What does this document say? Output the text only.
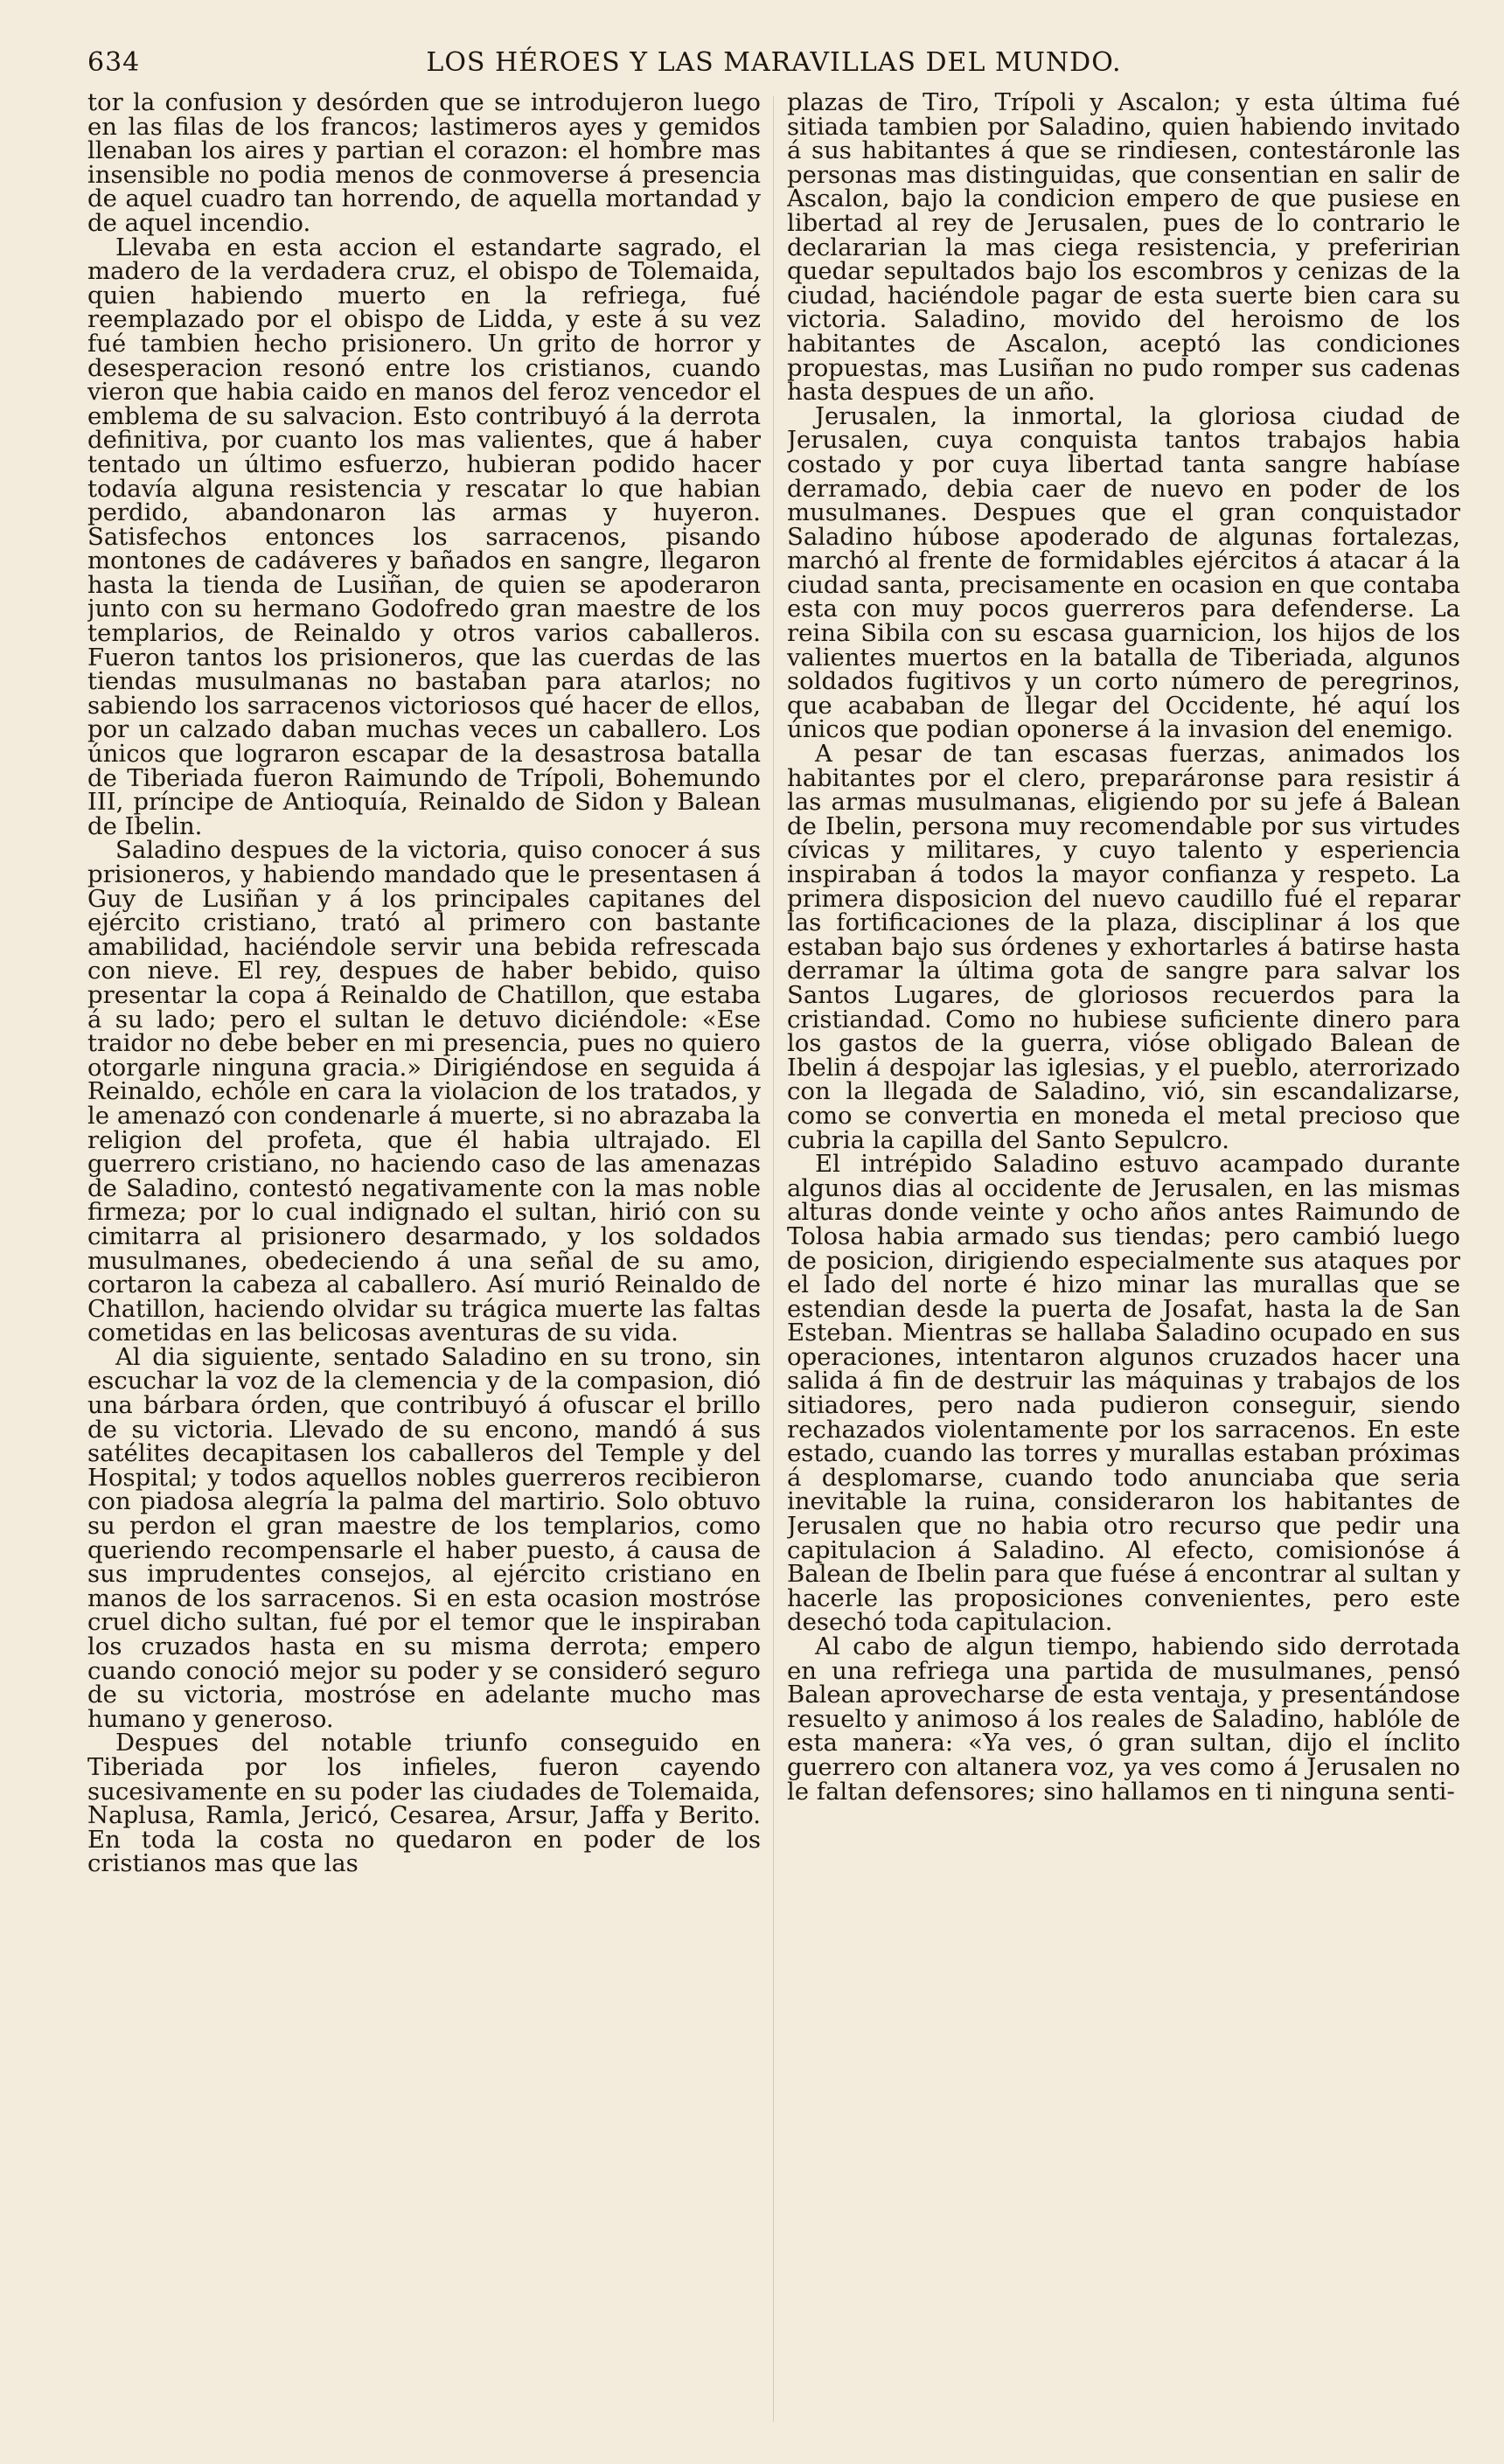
634	LOS HÉROES Y LAS MARAVILLAS DEL MUNDO.

tor la confusion y desórden que se introdujeron luego en las filas de los francos; lastimeros ayes y gemidos llenaban los aires y partian el corazon: el hombre mas insensible no podia menos de conmoverse á presencia de aquel cuadro tan horrendo, de aquella mortandad y de aquel incendio.

Llevaba en esta accion el estandarte sagrado, el madero de la verdadera cruz, el obispo de Tolemaida, quien habiendo muerto en la refriega, fué reemplazado por el obispo de Lidda, y este á su vez fué tambien hecho prisionero. Un grito de horror y desesperacion resonó entre los cristianos, cuando vieron que habia caido en manos del feroz vencedor el emblema de su salvacion. Esto contribuyó á la derrota definitiva, por cuanto los mas valientes, que á haber tentado un último esfuerzo, hubieran podido hacer todavía alguna resistencia y rescatar lo que habian perdido, abandonaron las armas y huyeron. Satisfechos entonces los sarracenos, pisando montones de cadáveres y bañados en sangre, llegaron hasta la tienda de Lusiñan, de quien se apoderaron junto con su hermano Godofredo gran maestre de los templarios, de Reinaldo y otros varios caballeros. Fueron tantos los prisioneros, que las cuerdas de las tiendas musulmanas no bastaban para atarlos; no sabiendo los sarracenos victoriosos qué hacer de ellos, por un calzado daban muchas veces un caballero. Los únicos que lograron escapar de la desastrosa batalla de Tiberiada fueron Raimundo de Trípoli, Bohemundo III, príncipe de Antioquía, Reinaldo de Sidon y Balean de Ibelin.

Saladino despues de la victoria, quiso conocer á sus prisioneros, y habiendo mandado que le presentasen á Guy de Lusiñan y á los principales capitanes del ejército cristiano, trató al primero con bastante amabilidad, haciéndole servir una bebida refrescada con nieve. El rey, despues de haber bebido, quiso presentar la copa á Reinaldo de Chatillon, que estaba á su lado; pero el sultan le detuvo diciéndole: «Ese traidor no debe beber en mi presencia, pues no quiero otorgarle ninguna gracia.» Dirigiéndose en seguida á Reinaldo, echóle en cara la violacion de los tratados, y le amenazó con condenarle á muerte, si no abrazaba la religion del profeta, que él habia ultrajado. El guerrero cristiano, no haciendo caso de las amenazas de Saladino, contestó negativamente con la mas noble firmeza; por lo cual indignado el sultan, hirió con su cimitarra al prisionero desarmado, y los soldados musulmanes, obedeciendo á una señal de su amo, cortaron la cabeza al caballero. Así murió Reinaldo de Chatillon, haciendo olvidar su trágica muerte las faltas cometidas en las belicosas aventuras de su vida.

Al dia siguiente, sentado Saladino en su trono, sin escuchar la voz de la clemencia y de la compasion, dió una bárbara órden, que contribuyó á ofuscar el brillo de su victoria. Llevado de su encono, mandó á sus satélites decapitasen los caballeros del Temple y del Hospital; y todos aquellos nobles guerreros recibieron con piadosa alegría la palma del martirio. Solo obtuvo su perdon el gran maestre de los templarios, como queriendo recompensarle el haber puesto, á causa de sus imprudentes consejos, al ejército cristiano en manos de los sarracenos. Si en esta ocasion mostróse cruel dicho sultan, fué por el temor que le inspiraban los cruzados hasta en su misma derrota; empero cuando conoció mejor su poder y se consideró seguro de su victoria, mostróse en adelante mucho mas humano y generoso.

Despues del notable triunfo conseguido en Tiberiada por los infieles, fueron cayendo sucesivamente en su poder las ciudades de Tolemaida, Naplusa, Ramla, Jericó, Cesarea, Arsur, Jaffa y Berito. En toda la costa no quedaron en poder de los cristianos mas que las

plazas de Tiro, Trípoli y Ascalon; y esta última fué sitiada tambien por Saladino, quien habiendo invitado á sus habitantes á que se rindiesen, contestáronle las personas mas distinguidas, que consentian en salir de Ascalon, bajo la condicion empero de que pusiese en libertad al rey de Jerusalen, pues de lo contrario le declararian la mas ciega resistencia, y preferirian quedar sepultados bajo los escombros y cenizas de la ciudad, haciéndole pagar de esta suerte bien cara su victoria. Saladino, movido del heroismo de los habitantes de Ascalon, aceptó las condiciones propuestas, mas Lusiñan no pudo romper sus cadenas hasta despues de un año.

Jerusalen, la inmortal, la gloriosa ciudad de Jerusalen, cuya conquista tantos trabajos habia costado y por cuya libertad tanta sangre habíase derramado, debia caer de nuevo en poder de los musulmanes. Despues que el gran conquistador Saladino húbose apoderado de algunas fortalezas, marchó al frente de formidables ejércitos á atacar á la ciudad santa, precisamente en ocasion en que contaba esta con muy pocos guerreros para defenderse. La reina Sibila con su escasa guarnicion, los hijos de los valientes muertos en la batalla de Tiberiada, algunos soldados fugitivos y un corto número de peregrinos, que acababan de llegar del Occidente, hé aquí los únicos que podian oponerse á la invasion del enemigo.

A pesar de tan escasas fuerzas, animados los habitantes por el clero, preparáronse para resistir á las armas musulmanas, eligiendo por su jefe á Balean de Ibelin, persona muy recomendable por sus virtudes cívicas y militares, y cuyo talento y esperiencia inspiraban á todos la mayor confianza y respeto. La primera disposicion del nuevo caudillo fué el reparar las fortificaciones de la plaza, disciplinar á los que estaban bajo sus órdenes y exhortarles á batirse hasta derramar la última gota de sangre para salvar los Santos Lugares, de gloriosos recuerdos para la cristiandad. Como no hubiese suficiente dinero para los gastos de la guerra, vióse obligado Balean de Ibelin á despojar las iglesias, y el pueblo, aterrorizado con la llegada de Saladino, vió, sin escandalizarse, como se convertia en moneda el metal precioso que cubria la capilla del Santo Sepulcro.

El intrépido Saladino estuvo acampado durante algunos dias al occidente de Jerusalen, en las mismas alturas donde veinte y ocho años antes Raimundo de Tolosa habia armado sus tiendas; pero cambió luego de posicion, dirigiendo especialmente sus ataques por el lado del norte é hizo minar las murallas que se estendian desde la puerta de Josafat, hasta la de San Esteban. Mientras se hallaba Saladino ocupado en sus operaciones, intentaron algunos cruzados hacer una salida á fin de destruir las máquinas y trabajos de los sitiadores, pero nada pudieron conseguir, siendo rechazados violentamente por los sarracenos. En este estado, cuando las torres y murallas estaban próximas á desplomarse, cuando todo anunciaba que seria inevitable la ruina, consideraron los habitantes de Jerusalen que no habia otro recurso que pedir una capitulacion á Saladino. Al efecto, comisionóse á Balean de Ibelin para que fuése á encontrar al sultan y hacerle las proposiciones convenientes, pero este desechó toda capitulacion.

Al cabo de algun tiempo, habiendo sido derrotada en una refriega una partida de musulmanes, pensó Balean aprovecharse de esta ventaja, y presentándose resuelto y animoso á los reales de Saladino, hablóle de esta manera: «Ya ves, ó gran sultan, dijo el ínclito guerrero con altanera voz, ya ves como á Jerusalen no le faltan defensores; sino hallamos en ti ninguna senti-
